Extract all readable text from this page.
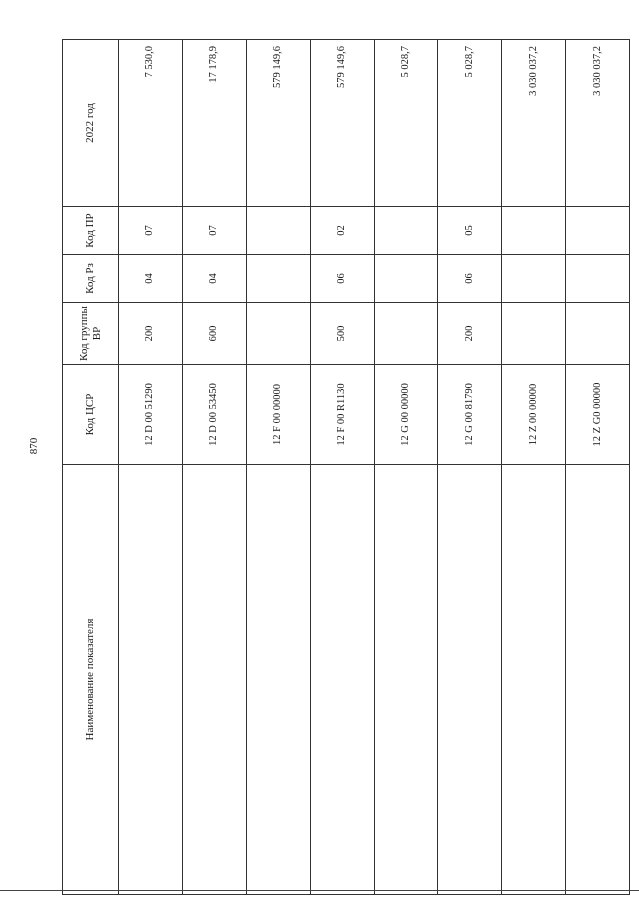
870
Наименование показателя	Код ЦСР	Код группы ВР	Код Рз	Код ПР	2022 год
	12 D 00 51290	200	04	07	7 530,0
	12 D 00 53450	600	04	07	17 178,9
	12 F 00 00000				579 149,6
	12 F 00 R1130	500	06	02	579 149,6
	12 G 00 00000				5 028,7
	12 G 00 81790	200	06	05	5 028,7
	12 Z 00 00000				3 030 037,2
	12 Z G0 00000				3 030 037,2
